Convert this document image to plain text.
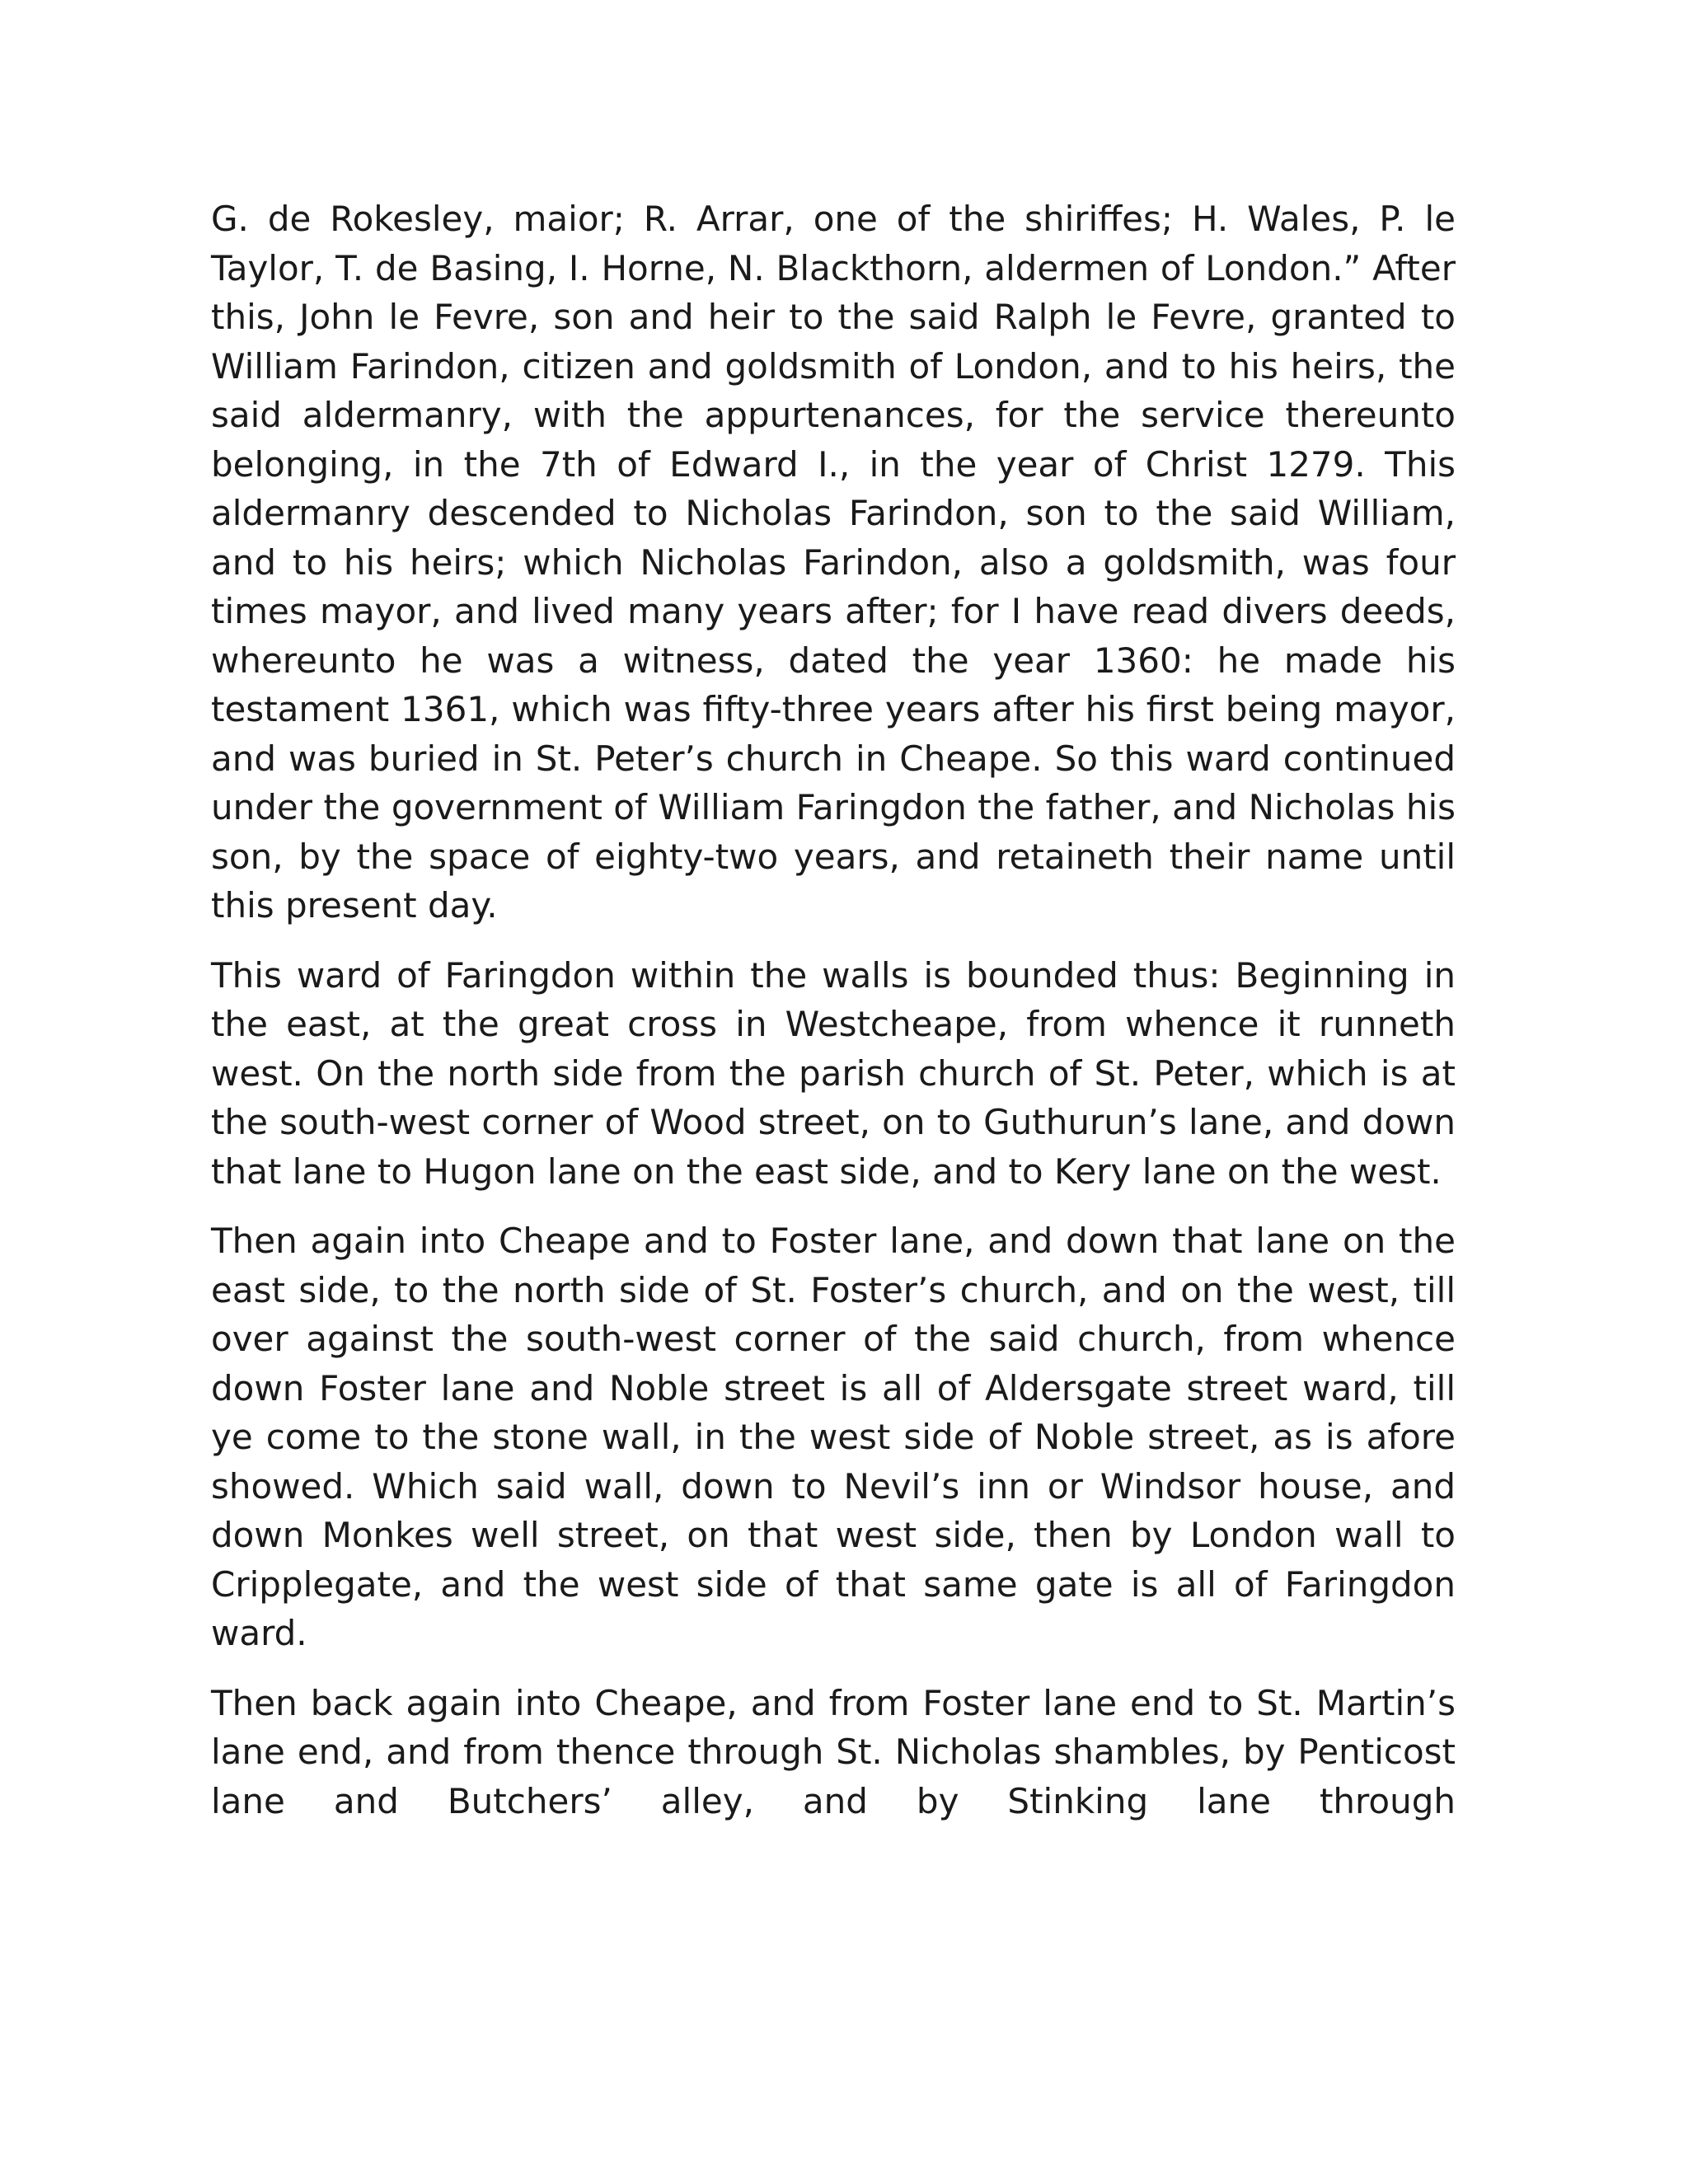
G. de Rokesley, maior; R. Arrar, one of the shiriffes; H. Wales, P. le Taylor, T. de Basing, I. Horne, N. Blackthorn, aldermen of London.” After this, John le Fevre, son and heir to the said Ralph le Fevre, granted to William Farindon, citizen and goldsmith of London, and to his heirs, the said aldermanry, with the appurtenances, for the service thereunto belonging, in the 7th of Edward I., in the year of Christ 1279. This aldermanry descended to Nicholas Farindon, son to the said William, and to his heirs; which Nicholas Farindon, also a goldsmith, was four times mayor, and lived many years after; for I have read divers deeds, whereunto he was a witness, dated the year 1360: he made his testament 1361, which was fifty-three years after his first being mayor, and was buried in St. Peter’s church in Cheape. So this ward continued under the government of William Faringdon the father, and Nicholas his son, by the space of eighty-two years, and retaineth their name until this present day.

This ward of Faringdon within the walls is bounded thus: Beginning in the east, at the great cross in Westcheape, from whence it runneth west. On the north side from the parish church of St. Peter, which is at the south-west corner of Wood street, on to Guthurun’s lane, and down that lane to Hugon lane on the east side, and to Kery lane on the west.

Then again into Cheape and to Foster lane, and down that lane on the east side, to the north side of St. Foster’s church, and on the west, till over against the south-west corner of the said church, from whence down Foster lane and Noble street is all of Aldersgate street ward, till ye come to the stone wall, in the west side of Noble street, as is afore showed. Which said wall, down to Nevil’s inn or Windsor house, and down Monkes well street, on that west side, then by London wall to Cripplegate, and the west side of that same gate is all of Faringdon ward.

Then back again into Cheape, and from Foster lane end to St. Martin’s lane end, and from thence through St. Nicholas shambles, by Penticost lane and Butchers’ alley, and by Stinking lane through
